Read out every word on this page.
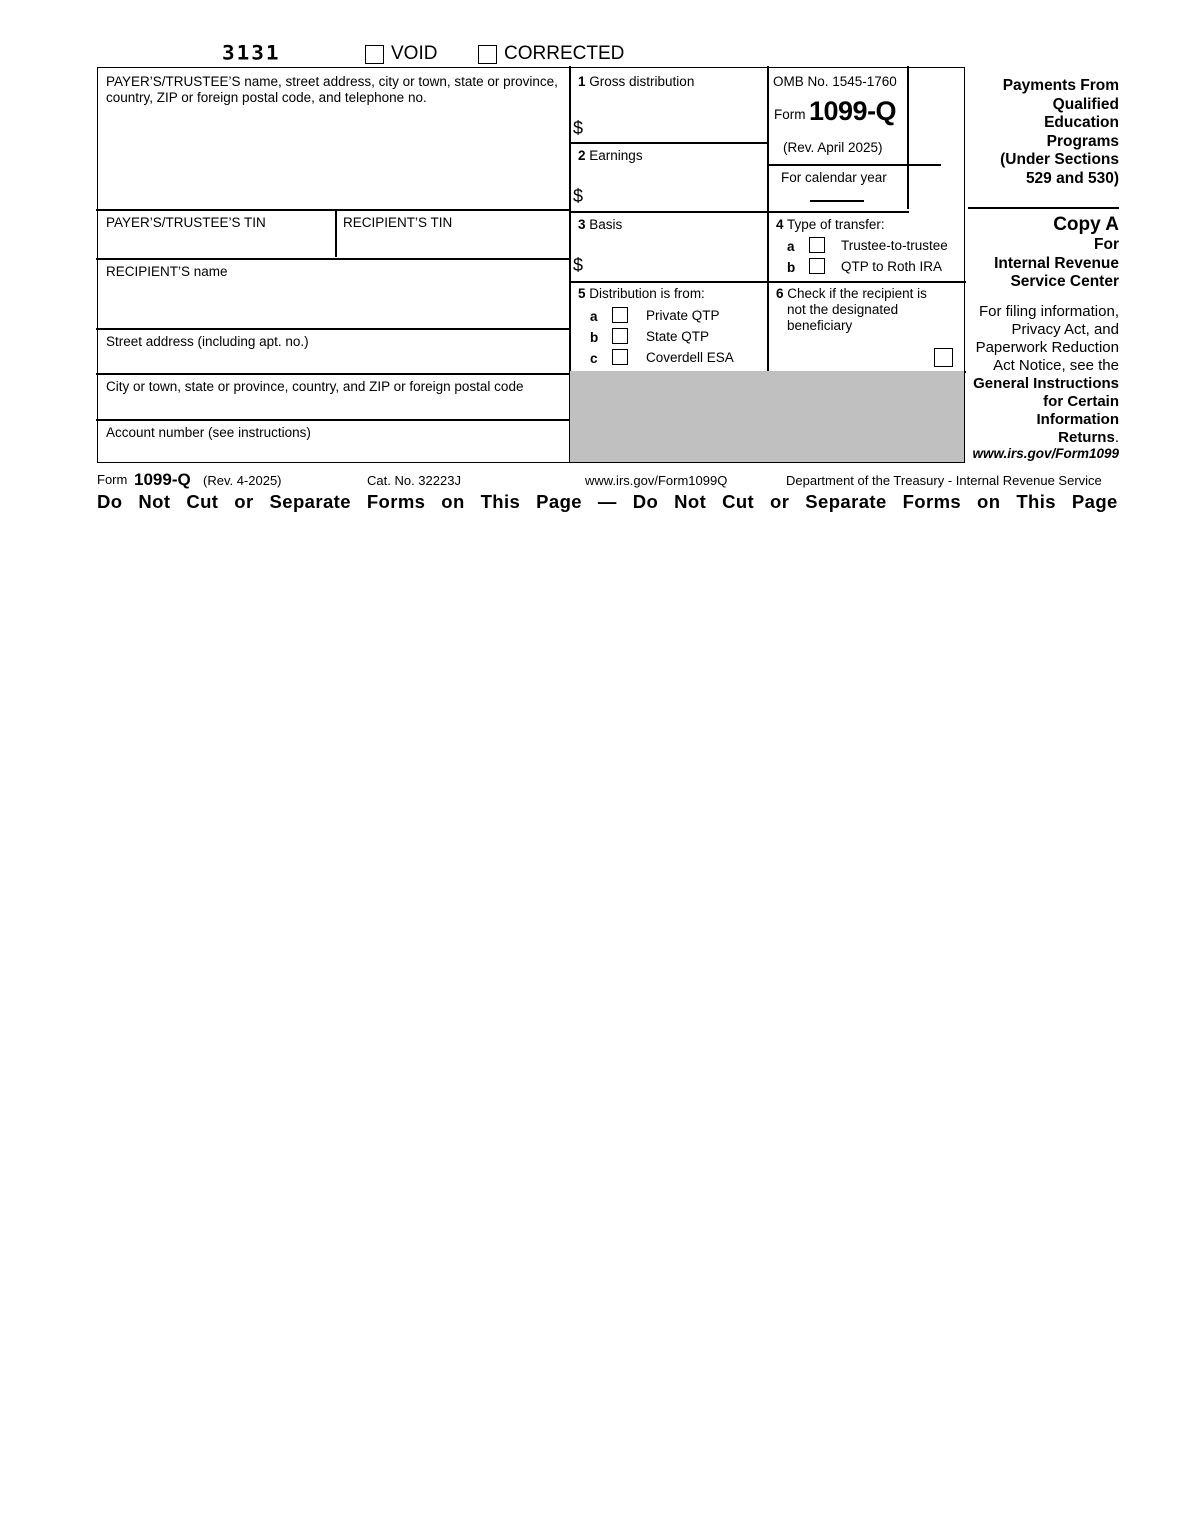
3131	VOID	CORRECTED
PAYER’S/TRUSTEE’S name, street address, city or town, state or province,
country, ZIP or foreign postal code, and telephone no.
PAYER’S/TRUSTEE’S TIN	RECIPIENT’S TIN
RECIPIENT’S name
Street address (including apt. no.)
City or town, state or province, country, and ZIP or foreign postal code
Account number (see instructions)
1 Gross distribution
$
2 Earnings
$
3 Basis
$
4 Type of transfer:
a	Trustee-to-trustee
b	QTP to Roth IRA
5 Distribution is from:
a	Private QTP
b	State QTP
c	Coverdell ESA
6 Check if the recipient is
not the designated
beneficiary
OMB No. 1545-1760
Form 1099-Q
(Rev. April 2025)
For calendar year
Payments From
Qualified
Education
Programs
(Under Sections
529 and 530)
Copy A
For
Internal Revenue
Service Center
For filing information,
Privacy Act, and
Paperwork Reduction
Act Notice, see the
General Instructions
for Certain
Information
Returns.
www.irs.gov/Form1099
Form 1099-Q (Rev. 4-2025)	Cat. No. 32223J	www.irs.gov/Form1099Q	Department of the Treasury - Internal Revenue Service
Do Not Cut or Separate Forms on This Page — Do Not Cut or Separate Forms on This Page
